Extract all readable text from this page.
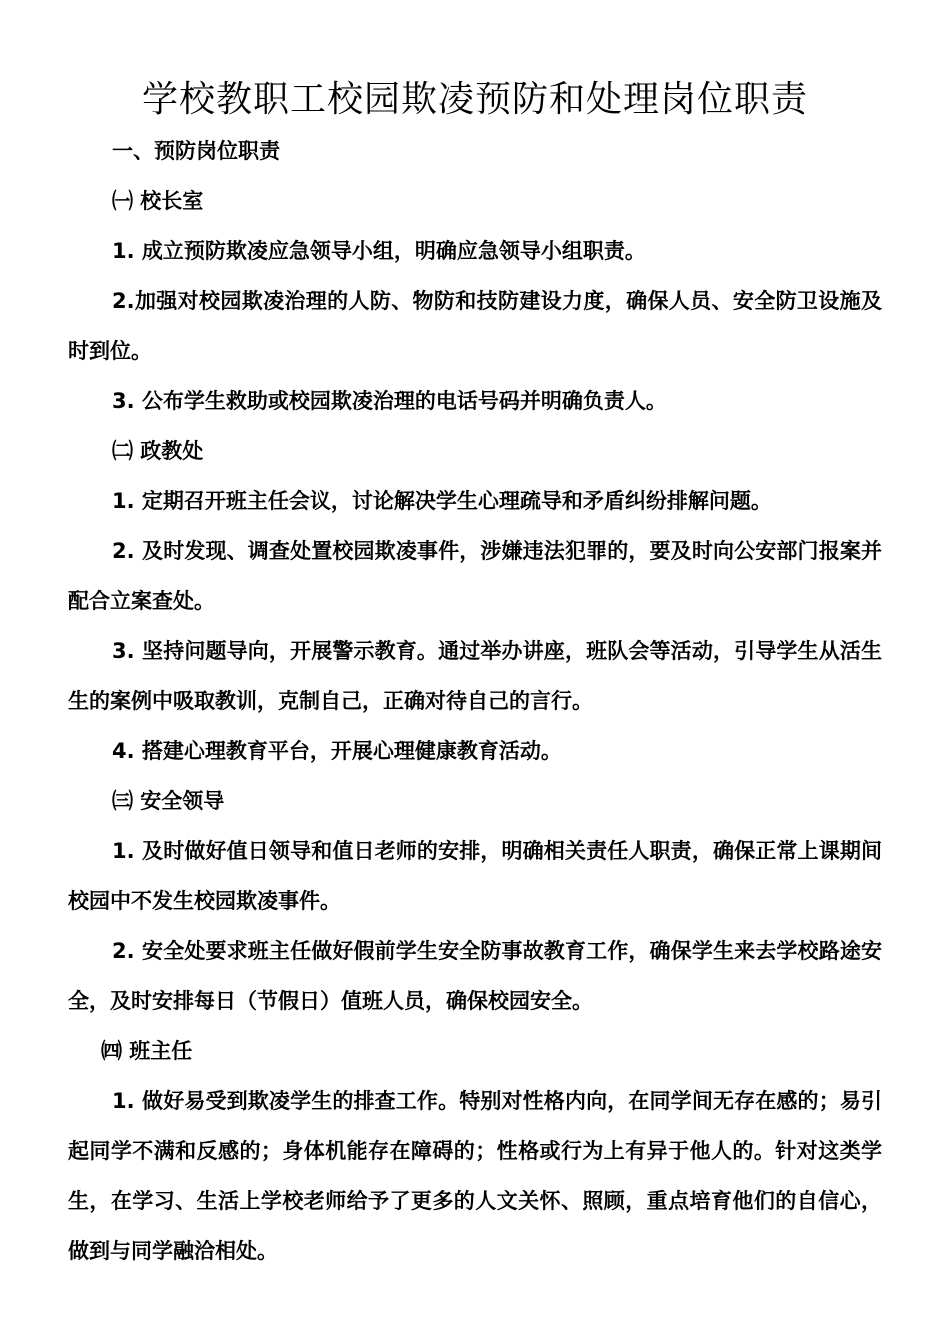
学校教职工校园欺凌预防和处理岗位职责

一、预防岗位职责

㈠ 校长室

1. 成立预防欺凌应急领导小组，明确应急领导小组职责。

2.加强对校园欺凌治理的人防、物防和技防建设力度，确保人员、安全防卫设施及时到位。

3. 公布学生救助或校园欺凌治理的电话号码并明确负责人。

㈡ 政教处

1. 定期召开班主任会议，讨论解决学生心理疏导和矛盾纠纷排解问题。

2. 及时发现、调查处置校园欺凌事件，涉嫌违法犯罪的，要及时向公安部门报案并配合立案查处。

3. 坚持问题导向，开展警示教育。通过举办讲座，班队会等活动，引导学生从活生生的案例中吸取教训，克制自己，正确对待自己的言行。

4. 搭建心理教育平台，开展心理健康教育活动。

㈢ 安全领导

1. 及时做好值日领导和值日老师的安排，明确相关责任人职责，确保正常上课期间校园中不发生校园欺凌事件。

2. 安全处要求班主任做好假前学生安全防事故教育工作，确保学生来去学校路途安全，及时安排每日（节假日）值班人员，确保校园安全。

㈣ 班主任

1. 做好易受到欺凌学生的排查工作。特别对性格内向，在同学间无存在感的；易引起同学不满和反感的；身体机能存在障碍的；性格或行为上有异于他人的。针对这类学生，在学习、生活上学校老师给予了更多的人文关怀、照顾，重点培育他们的自信心，做到与同学融洽相处。
